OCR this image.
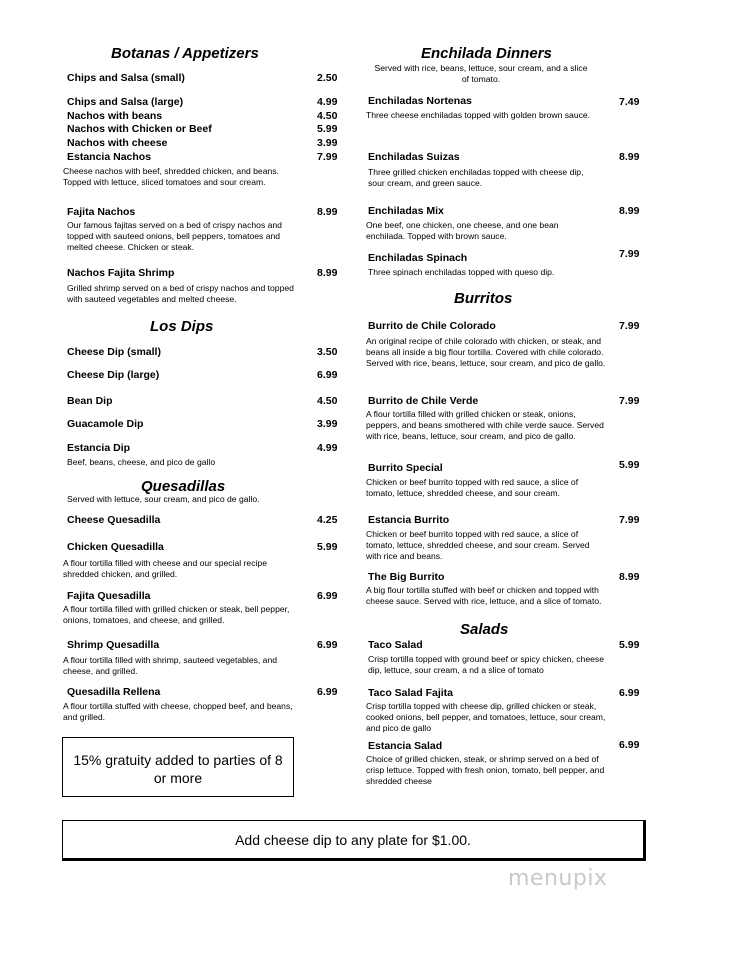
Botanas / Appetizers
Chips and Salsa (small)	2.50
Chips and Salsa (large)	4.99
Nachos with beans	4.50
Nachos with Chicken or Beef	5.99
Nachos with cheese	3.99
Estancia Nachos	7.99
Cheese nachos with beef, shredded chicken, and beans. Topped with lettuce, sliced tomatoes and sour cream.
Fajita Nachos	8.99
Our famous fajitas served on a bed of crispy nachos and topped with sauteed onions, bell peppers, tomatoes and melted cheese. Chicken or steak.
Nachos Fajita Shrimp	8.99
Grilled shrimp served on a bed of crispy nachos and topped with sauteed vegetables and melted cheese.
Los Dips
Cheese Dip (small)	3.50
Cheese Dip (large)	6.99
Bean Dip	4.50
Guacamole Dip	3.99
Estancia Dip	4.99
Beef, beans, cheese, and pico de gallo
Quesadillas
Served with lettuce, sour cream, and pico de gallo.
Cheese Quesadilla	4.25
Chicken Quesadilla	5.99
A flour tortilla filled with cheese and our special recipe shredded chicken, and grilled.
Fajita Quesadilla	6.99
A flour tortilla filled with grilled chicken or steak, bell pepper, onions, tomatoes, and cheese, and grilled.
Shrimp Quesadilla	6.99
A flour tortilla filled with shrimp, sauteed vegetables, and cheese, and grilled.
Quesadilla Rellena	6.99
A flour tortilla stuffed with cheese, chopped beef, and beans, and grilled.
15% gratuity added to parties of 8 or more
Enchilada Dinners
Served with rice, beans, lettuce, sour cream, and a slice of tomato.
Enchiladas Nortenas	7.49
Three cheese enchiladas topped with golden brown sauce.
Enchiladas Suizas	8.99
Three grilled chicken enchiladas topped with cheese dip, sour cream, and green sauce.
Enchiladas Mix	8.99
One beef, one chicken, one cheese, and one bean enchilada. Topped with brown sauce.
Enchiladas Spinach	7.99
Three spinach enchiladas topped with queso dip.
Burritos
Burrito de Chile Colorado	7.99
An original recipe of chile colorado with chicken, or steak, and beans all inside a big flour tortilla. Covered with chile colorado. Served with rice, beans, lettuce, sour cream, and pico de gallo.
Burrito de Chile Verde	7.99
A flour tortilla filled with grilled chicken or steak, onions, peppers, and beans smothered with chile verde sauce. Served with rice, beans, lettuce, sour cream, and pico de gallo.
Burrito Special	5.99
Chicken or beef burrito topped with red sauce, a slice of tomato, lettuce, shredded cheese, and sour cream.
Estancia Burrito	7.99
Chicken or beef burrito topped with red sauce, a slice of tomato, lettuce, shredded cheese, and sour cream. Served with rice and beans.
The Big Burrito	8.99
A big flour tortilla stuffed with beef or chicken and topped with cheese sauce. Served with rice, lettuce, and a slice of tomato.
Salads
Taco Salad	5.99
Crisp tortilla topped with ground beef or spicy chicken, cheese dip, lettuce, sour cream, a nd a slice of tomato
Taco Salad Fajita	6.99
Crisp tortilla topped with cheese dip, grilled chicken or steak, cooked onions, bell pepper, and tomatoes, lettuce, sour cream, and pico de gallo
Estancia Salad	6.99
Choice of grilled chicken, steak, or shrimp served on a bed of crisp lettuce. Topped with fresh onion, tomato, bell pepper, and shredded cheese
Add cheese dip to any plate for $1.00.
menupix
